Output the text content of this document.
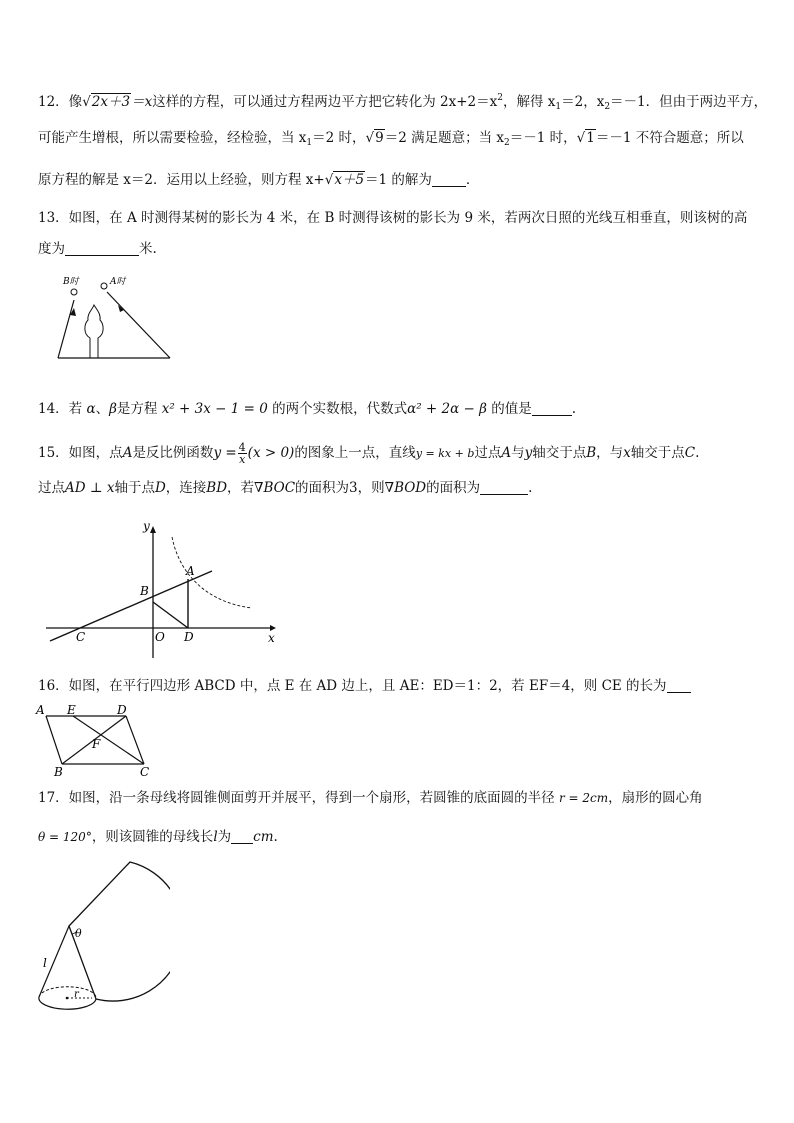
12．像√2x＋3＝x这样的方程，可以通过方程两边平方把它转化为 $2x+2=x^2$，解得 $x_1=2$，$x_2=-1$．但由于两边平方，
可能产生增根，所以需要检验，经检验，当 $x_1=2$ 时，√9＝2 满足题意；当 $x_2=-1$ 时，√1＝－1 不符合题意；所以
原方程的解是 x＝2．运用以上经验，则方程 x+√x＋5＝1 的解为	．
13．如图，在 A 时测得某树的影长为 4 米，在 B 时测得该树的影长为 9 米，若两次日照的光线互相垂直，则该树的高
度为	米.
B时	A时
14．若 α、β是方程 x² + 3x − 1 = 0 的两个实数根，代数式α² + 2α − β 的值是	.
15．如图，点A是反比例函数$y = \frac{4}{x} (x > 0)$的图象上一点，直线y = kx + b过点A与y轴交于点B，与x轴交于点C.
过点AD ⊥ x轴于点D，连接BD，若∇BOC的面积为3，则∇BOD的面积为	.
y
x
A
B
C	O D
16．如图，在平行四边形 ABCD 中，点 E 在 AD 边上，且 AE：ED＝1：2，若 EF＝4，则 CE 的长为
A E	D
F
B	C
17．如图，沿一条母线将圆锥侧面剪开并展平，得到一个扇形，若圆锥的底面圆的半径 r = 2cm，扇形的圆心角
θ = 120°，则该圆锥的母线长l为 cm.
θ
l
r
